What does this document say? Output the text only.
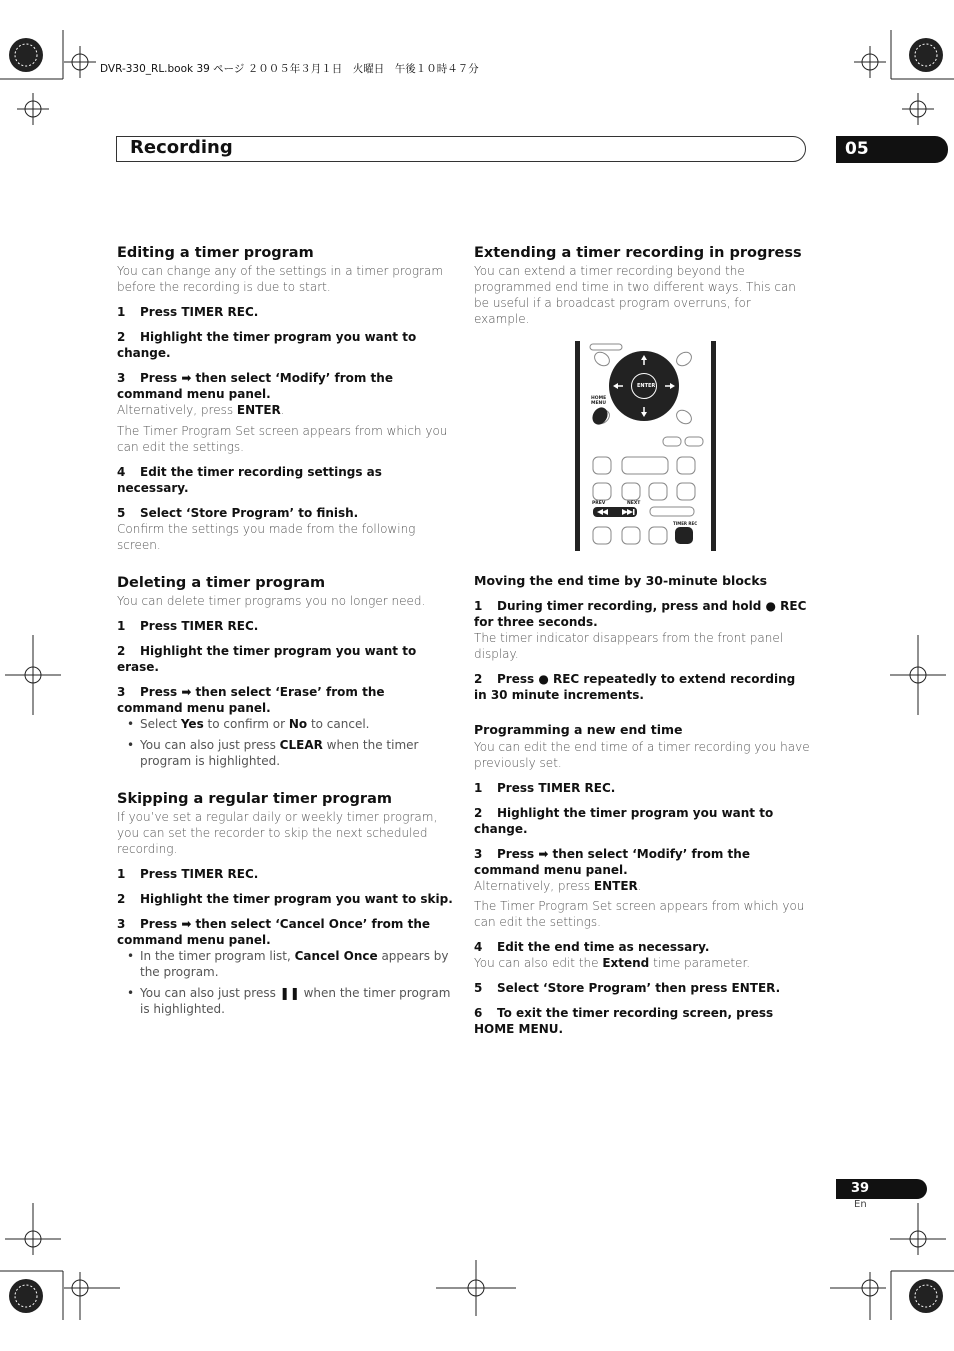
DVR-330_RL.book 39 ページ ２００５年３月１日　火曜日　午後１０時４７分
Recording	05
Editing a timer program

You can change any of the settings in a timer program before the recording is due to start.

1 Press TIMER REC.

2 Highlight the timer program you want to change.

3 Press ➡ then select ‘Modify’ from the command menu panel.

Alternatively, press ENTER.

The Timer Program Set screen appears from which you can edit the settings.

4 Edit the timer recording settings as necessary.

5 Select ‘Store Program’ to finish.

Confirm the settings you made from the following screen.

Deleting a timer program

You can delete timer programs you no longer need.

1 Press TIMER REC.

2 Highlight the timer program you want to erase.

3 Press ➡ then select ‘Erase’ from the command menu panel.

• Select Yes to confirm or No to cancel.
• You can also just press CLEAR when the timer program is highlighted.
Skipping a regular timer program

If you’ve set a regular daily or weekly timer program, you can set the recorder to skip the next scheduled recording.

1 Press TIMER REC.

2 Highlight the timer program you want to skip.

3 Press ➡ then select ‘Cancel Once’ from the command menu panel.

• In the timer program list, Cancel Once appears by the program.
• You can also just press ❚❚ when the timer program is highlighted.
Extending a timer recording in progress

You can extend a timer recording beyond the programmed end time in two different ways. This can be useful if a broadcast program overruns, for example.

ENTER
HOME
MENU
PREV	NEXT
TIMER REC
Moving the end time by 30-minute blocks

1 During timer recording, press and hold ● REC for three seconds.

The timer indicator disappears from the front panel display.

2 Press ● REC repeatedly to extend recording in 30 minute increments.

Programming a new end time

You can edit the end time of a timer recording you have previously set.

1 Press TIMER REC.

2 Highlight the timer program you want to change.

3 Press ➡ then select ‘Modify’ from the command menu panel.

Alternatively, press ENTER.

The Timer Program Set screen appears from which you can edit the settings.

4 Edit the end time as necessary.

You can also edit the Extend time parameter.

5 Select ‘Store Program’ then press ENTER.

6 To exit the timer recording screen, press HOME MENU.

39
En
